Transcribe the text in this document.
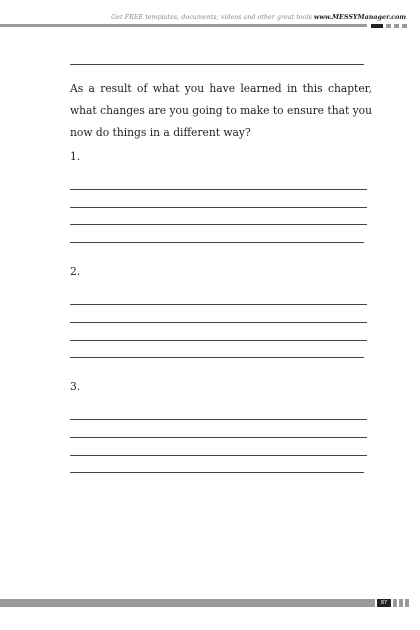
Get FREE templates, documents, videos and other great tools www.MESSYManager.com
As a result of what you have learned in this chapter, what changes are you going to make to ensure that you now do things in a different way?
1.
2.
3.
87
